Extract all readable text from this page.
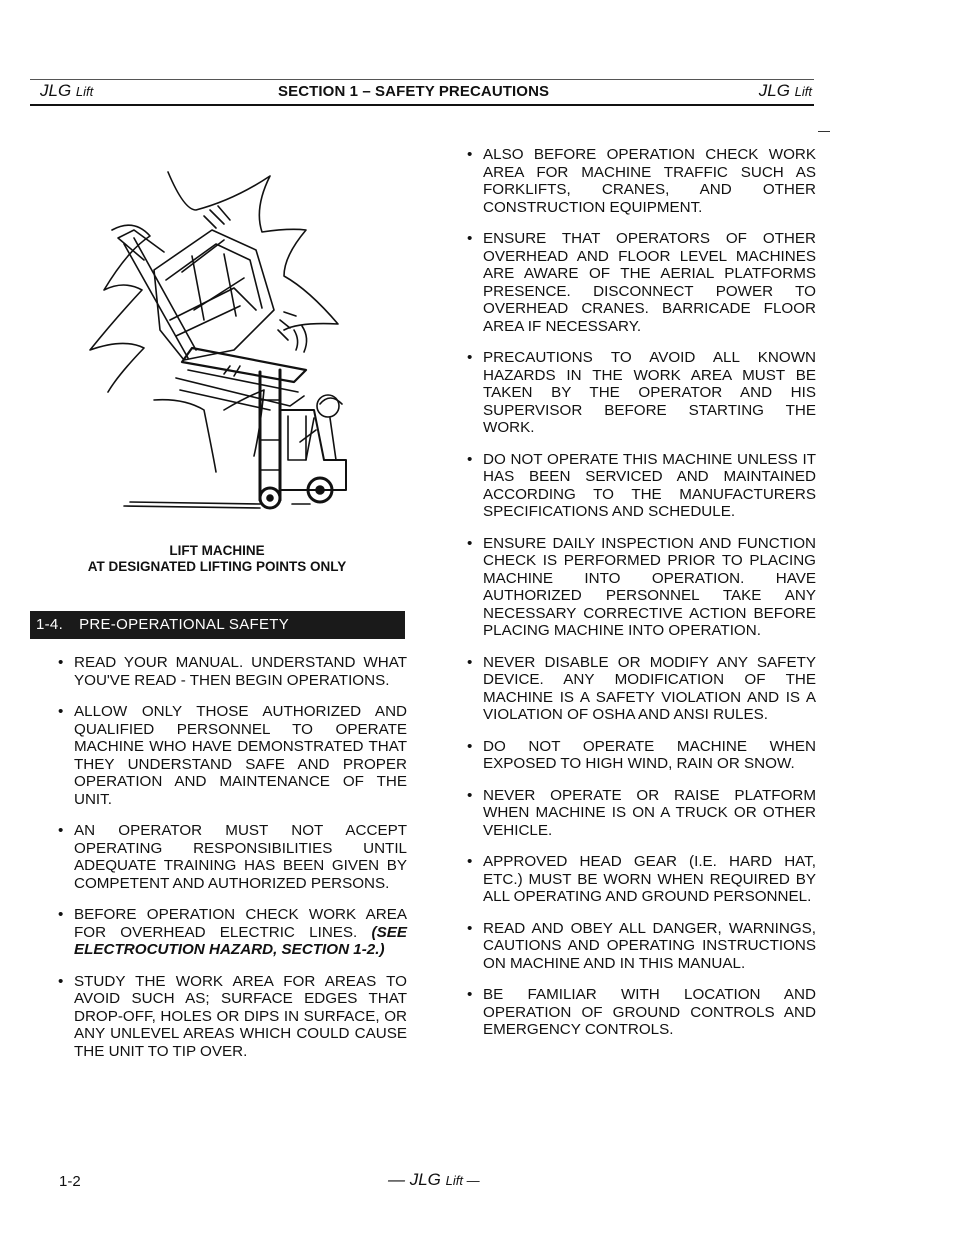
JLG Lift	SECTION 1 – SAFETY PRECAUTIONS	JLG Lift
LIFT MACHINE
AT DESIGNATED LIFTING POINTS ONLY
1-4. PRE-OPERATIONAL SAFETY
• READ YOUR MANUAL. UNDERSTAND WHAT YOU'VE READ - THEN BEGIN OPERATIONS.
• ALLOW ONLY THOSE AUTHORIZED AND QUALIFIED PERSONNEL TO OPERATE MACHINE WHO HAVE DEMONSTRATED THAT THEY UNDERSTAND SAFE AND PROPER OPERATION AND MAINTENANCE OF THE UNIT.
• AN OPERATOR MUST NOT ACCEPT OPERATING RESPONSIBILITIES UNTIL ADEQUATE TRAINING HAS BEEN GIVEN BY COMPETENT AND AUTHORIZED PERSONS.
• BEFORE OPERATION CHECK WORK AREA FOR OVERHEAD ELECTRIC LINES. (SEE ELECTROCUTION HAZARD, SECTION 1-2.)
• STUDY THE WORK AREA FOR AREAS TO AVOID SUCH AS; SURFACE EDGES THAT DROP-OFF, HOLES OR DIPS IN SURFACE, OR ANY UNLEVEL AREAS WHICH COULD CAUSE THE UNIT TO TIP OVER.
• ALSO BEFORE OPERATION CHECK WORK AREA FOR MACHINE TRAFFIC SUCH AS FORKLIFTS, CRANES, AND OTHER CONSTRUCTION EQUIPMENT.
• ENSURE THAT OPERATORS OF OTHER OVERHEAD AND FLOOR LEVEL MACHINES ARE AWARE OF THE AERIAL PLATFORMS PRESENCE. DISCONNECT POWER TO OVERHEAD CRANES. BARRICADE FLOOR AREA IF NECESSARY.
• PRECAUTIONS TO AVOID ALL KNOWN HAZARDS IN THE WORK AREA MUST BE TAKEN BY THE OPERATOR AND HIS SUPERVISOR BEFORE STARTING THE WORK.
• DO NOT OPERATE THIS MACHINE UNLESS IT HAS BEEN SERVICED AND MAINTAINED ACCORDING TO THE MANUFACTURERS SPECIFICATIONS AND SCHEDULE.
• ENSURE DAILY INSPECTION AND FUNCTION CHECK IS PERFORMED PRIOR TO PLACING MACHINE INTO OPERATION. HAVE AUTHORIZED PERSONNEL TAKE ANY NECESSARY CORRECTIVE ACTION BEFORE PLACING MACHINE INTO OPERATION.
• NEVER DISABLE OR MODIFY ANY SAFETY DEVICE. ANY MODIFICATION OF THE MACHINE IS A SAFETY VIOLATION AND IS A VIOLATION OF OSHA AND ANSI RULES.
• DO NOT OPERATE MACHINE WHEN EXPOSED TO HIGH WIND, RAIN OR SNOW.
• NEVER OPERATE OR RAISE PLATFORM WHEN MACHINE IS ON A TRUCK OR OTHER VEHICLE.
• APPROVED HEAD GEAR (I.E. HARD HAT, ETC.) MUST BE WORN WHEN REQUIRED BY ALL OPERATING AND GROUND PERSONNEL.
• READ AND OBEY ALL DANGER, WARNINGS, CAUTIONS AND OPERATING INSTRUCTIONS ON MACHINE AND IN THIS MANUAL.
• BE FAMILIAR WITH LOCATION AND OPERATION OF GROUND CONTROLS AND EMERGENCY CONTROLS.
1-2	— JLG Lift —
